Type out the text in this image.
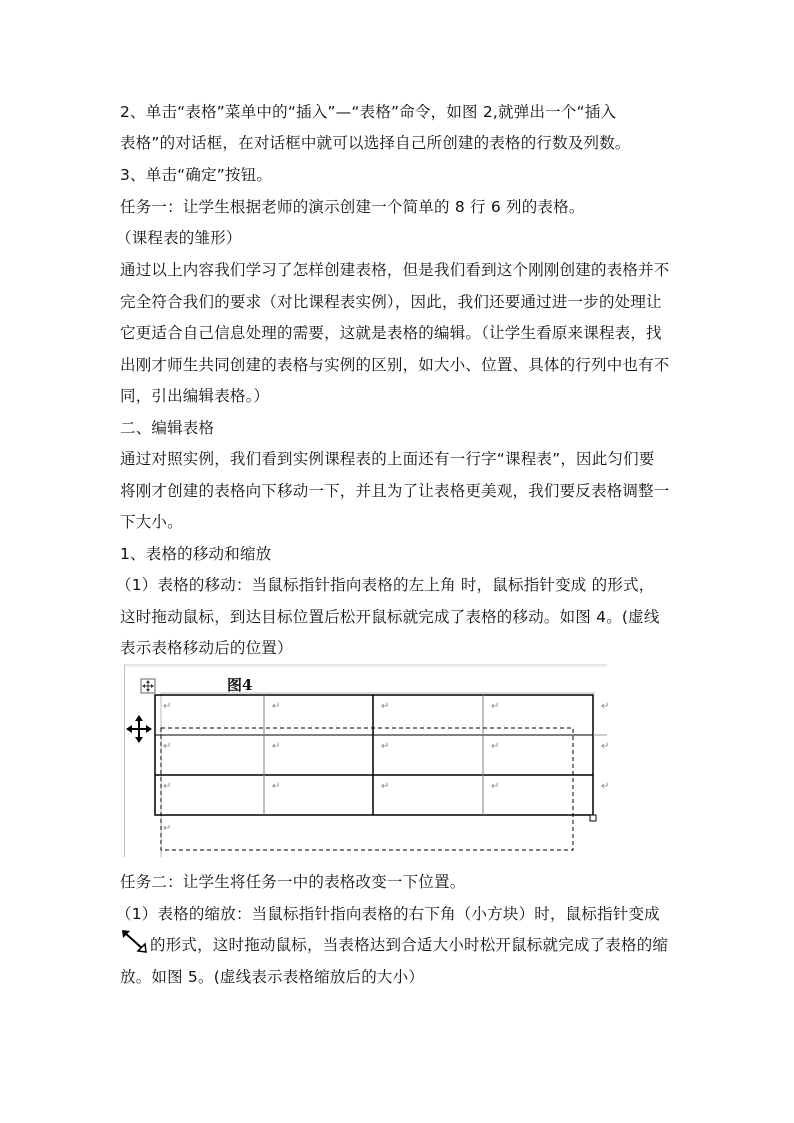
2、单击“表格”菜单中的“插入”—“表格”命令，如图 2,就弹出一个“插入
表格”的对话框，在对话框中就可以选择自己所创建的表格的行数及列数。
3、单击“确定”按钮。
任务一：让学生根据老师的演示创建一个简单的 8 行 6 列的表格。
（课程表的雏形）
通过以上内容我们学习了怎样创建表格，但是我们看到这个刚刚创建的表格并不
完全符合我们的要求（对比课程表实例），因此，我们还要通过进一步的处理让
它更适合自己信息处理的需要，这就是表格的编辑。（让学生看原来课程表，找
出刚才师生共同创建的表格与实例的区别，如大小、位置、具体的行列中也有不
同，引出编辑表格。）
二、编辑表格
通过对照实例，我们看到实例课程表的上面还有一行字“课程表”，因此匀们要
将刚才创建的表格向下移动一下，并且为了让表格更美观，我们要反表格调整一
下大小。
1、表格的移动和缩放
（1）表格的移动：当鼠标指针指向表格的左上角 时，鼠标指针变成 的形式，
这时拖动鼠标，到达目标位置后松开鼠标就完成了表格的移动。如图 4。(虚线
表示表格移动后的位置）
图4
↵	↵	↵	↵	↵
↵	↵	↵	↵	↵
↵	↵	↵	↵	↵
↵
任务二：让学生将任务一中的表格改变一下位置。
（1）表格的缩放：当鼠标指针指向表格的右下角（小方块）时，鼠标指针变成
的形式，这时拖动鼠标，当表格达到合适大小时松开鼠标就完成了表格的缩
放。如图 5。(虚线表示表格缩放后的大小）
